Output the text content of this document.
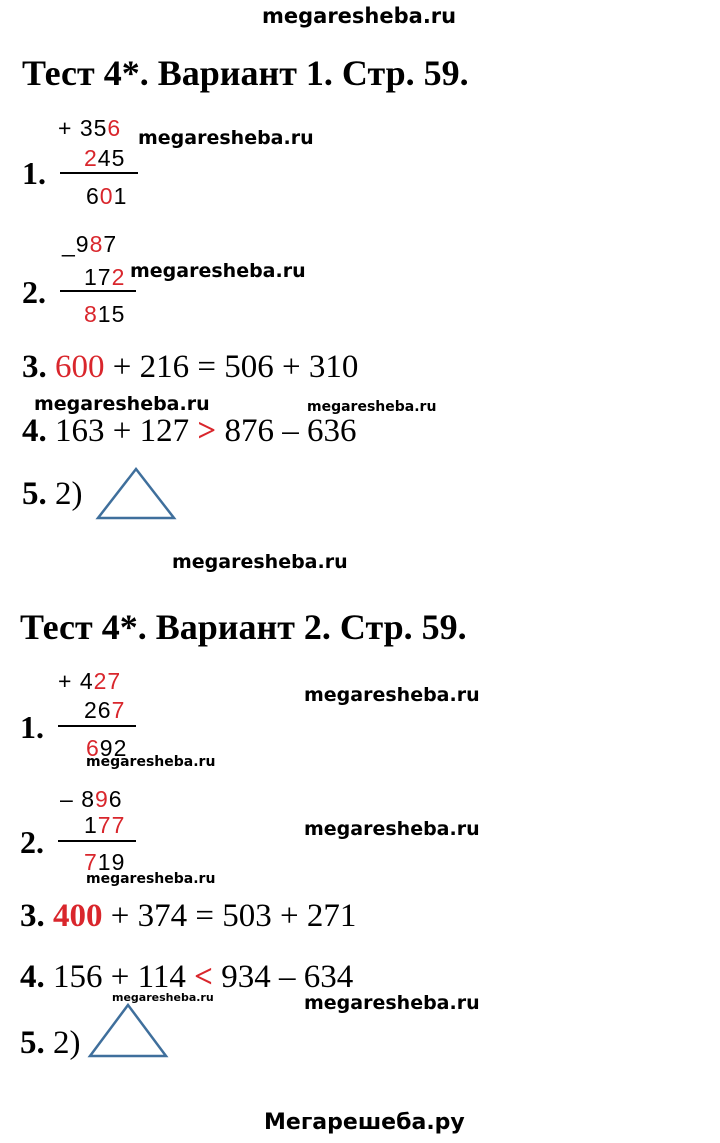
megaresheba.ru
Тест 4*. Вариант 1. Стр. 59.
+ 356 megaresheba.ru
1. 245
601
_987
megaresheba.ru
2. 172
815
3. 600 + 216 = 506 + 310
megaresheba.ru	megaresheba.ru
4. 163 + 127 > 876 – 636
5. 2)
megaresheba.ru
Тест 4*. Вариант 2. Стр. 59.
+ 427
megaresheba.ru
1. 267
692
megaresheba.ru
– 896
megaresheba.ru
2. 177
719
megaresheba.ru
3. 400 + 374 = 503 + 271
4. 156 + 114 < 934 – 634
megaresheba.ru	megaresheba.ru
5. 2)
Мегарешеба.ру
